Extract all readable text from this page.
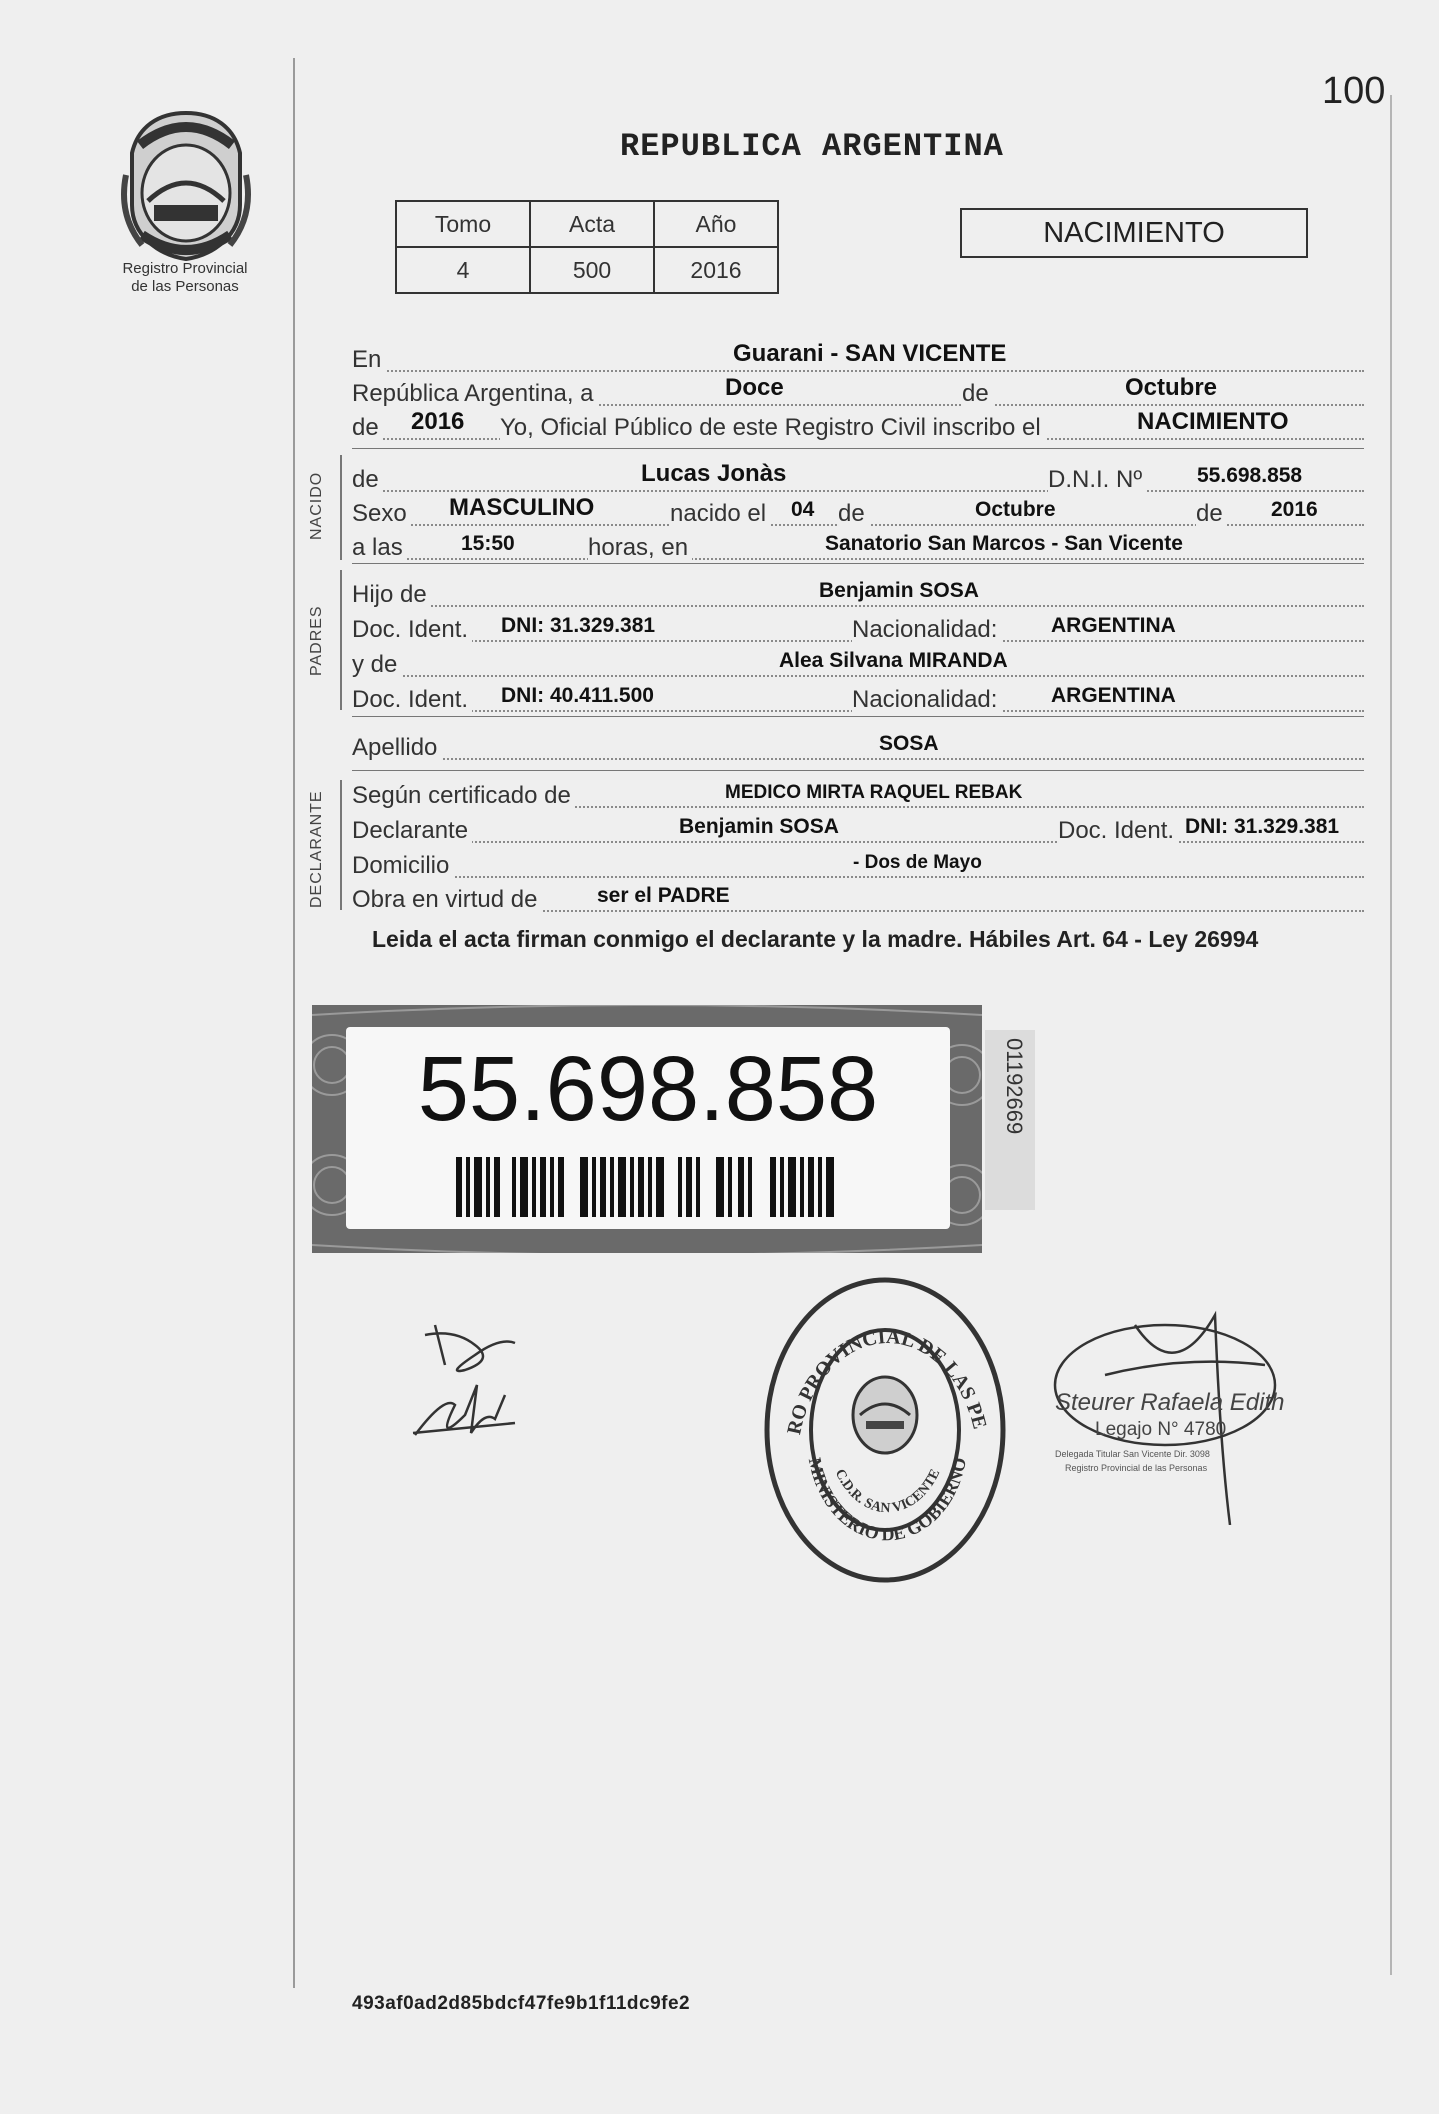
100
Registro Provincial
de las Personas
REPUBLICA ARGENTINA
Tomo	Acta	Año
4	500	2016
NACIMIENTO
En	Guarani - SAN VICENTE
República Argentina, a	Doce	de	Octubre
de 2016 Yo, Oficial Público de este Registro Civil inscribo el	NACIMIENTO
NACIDO de	Lucas Jonàs	D.N.I. Nº	55.698.858
Sexo MASCULINO	nacido el 04 de	Octubre	de 2016
a las	15:50	horas, en	Sanatorio San Marcos - San Vicente
PADRES
Hijo de	Benjamin SOSA
Doc. Ident. DNI: 31.329.381	Nacionalidad:	ARGENTINA
y de	Alea Silvana MIRANDA
Doc. Ident. DNI: 40.411.500	Nacionalidad:	ARGENTINA
Apellido	SOSA
DECLARANTE Según certificado de	MEDICO MIRTA RAQUEL REBAK
Declarante	Benjamin SOSA	Doc. Ident. DNI: 31.329.381
Domicilio	- Dos de Mayo
Obra en virtud de	ser el PADRE
Leida el acta firman conmigo el declarante y la madre. Hábiles Art. 64 - Ley 26994
55.698.858	01192669
RO PROVINCIAL DE LAS PE
MINISTERIO DE GOBIERNO
C.D.R. SAN VICENTE
Steurer Rafaela Edith
Legajo N° 4780
Delegada Titular San Vicente Dir. 3098
Registro Provincial de las Personas
493af0ad2d85bdcf47fe9b1f11dc9fe2
